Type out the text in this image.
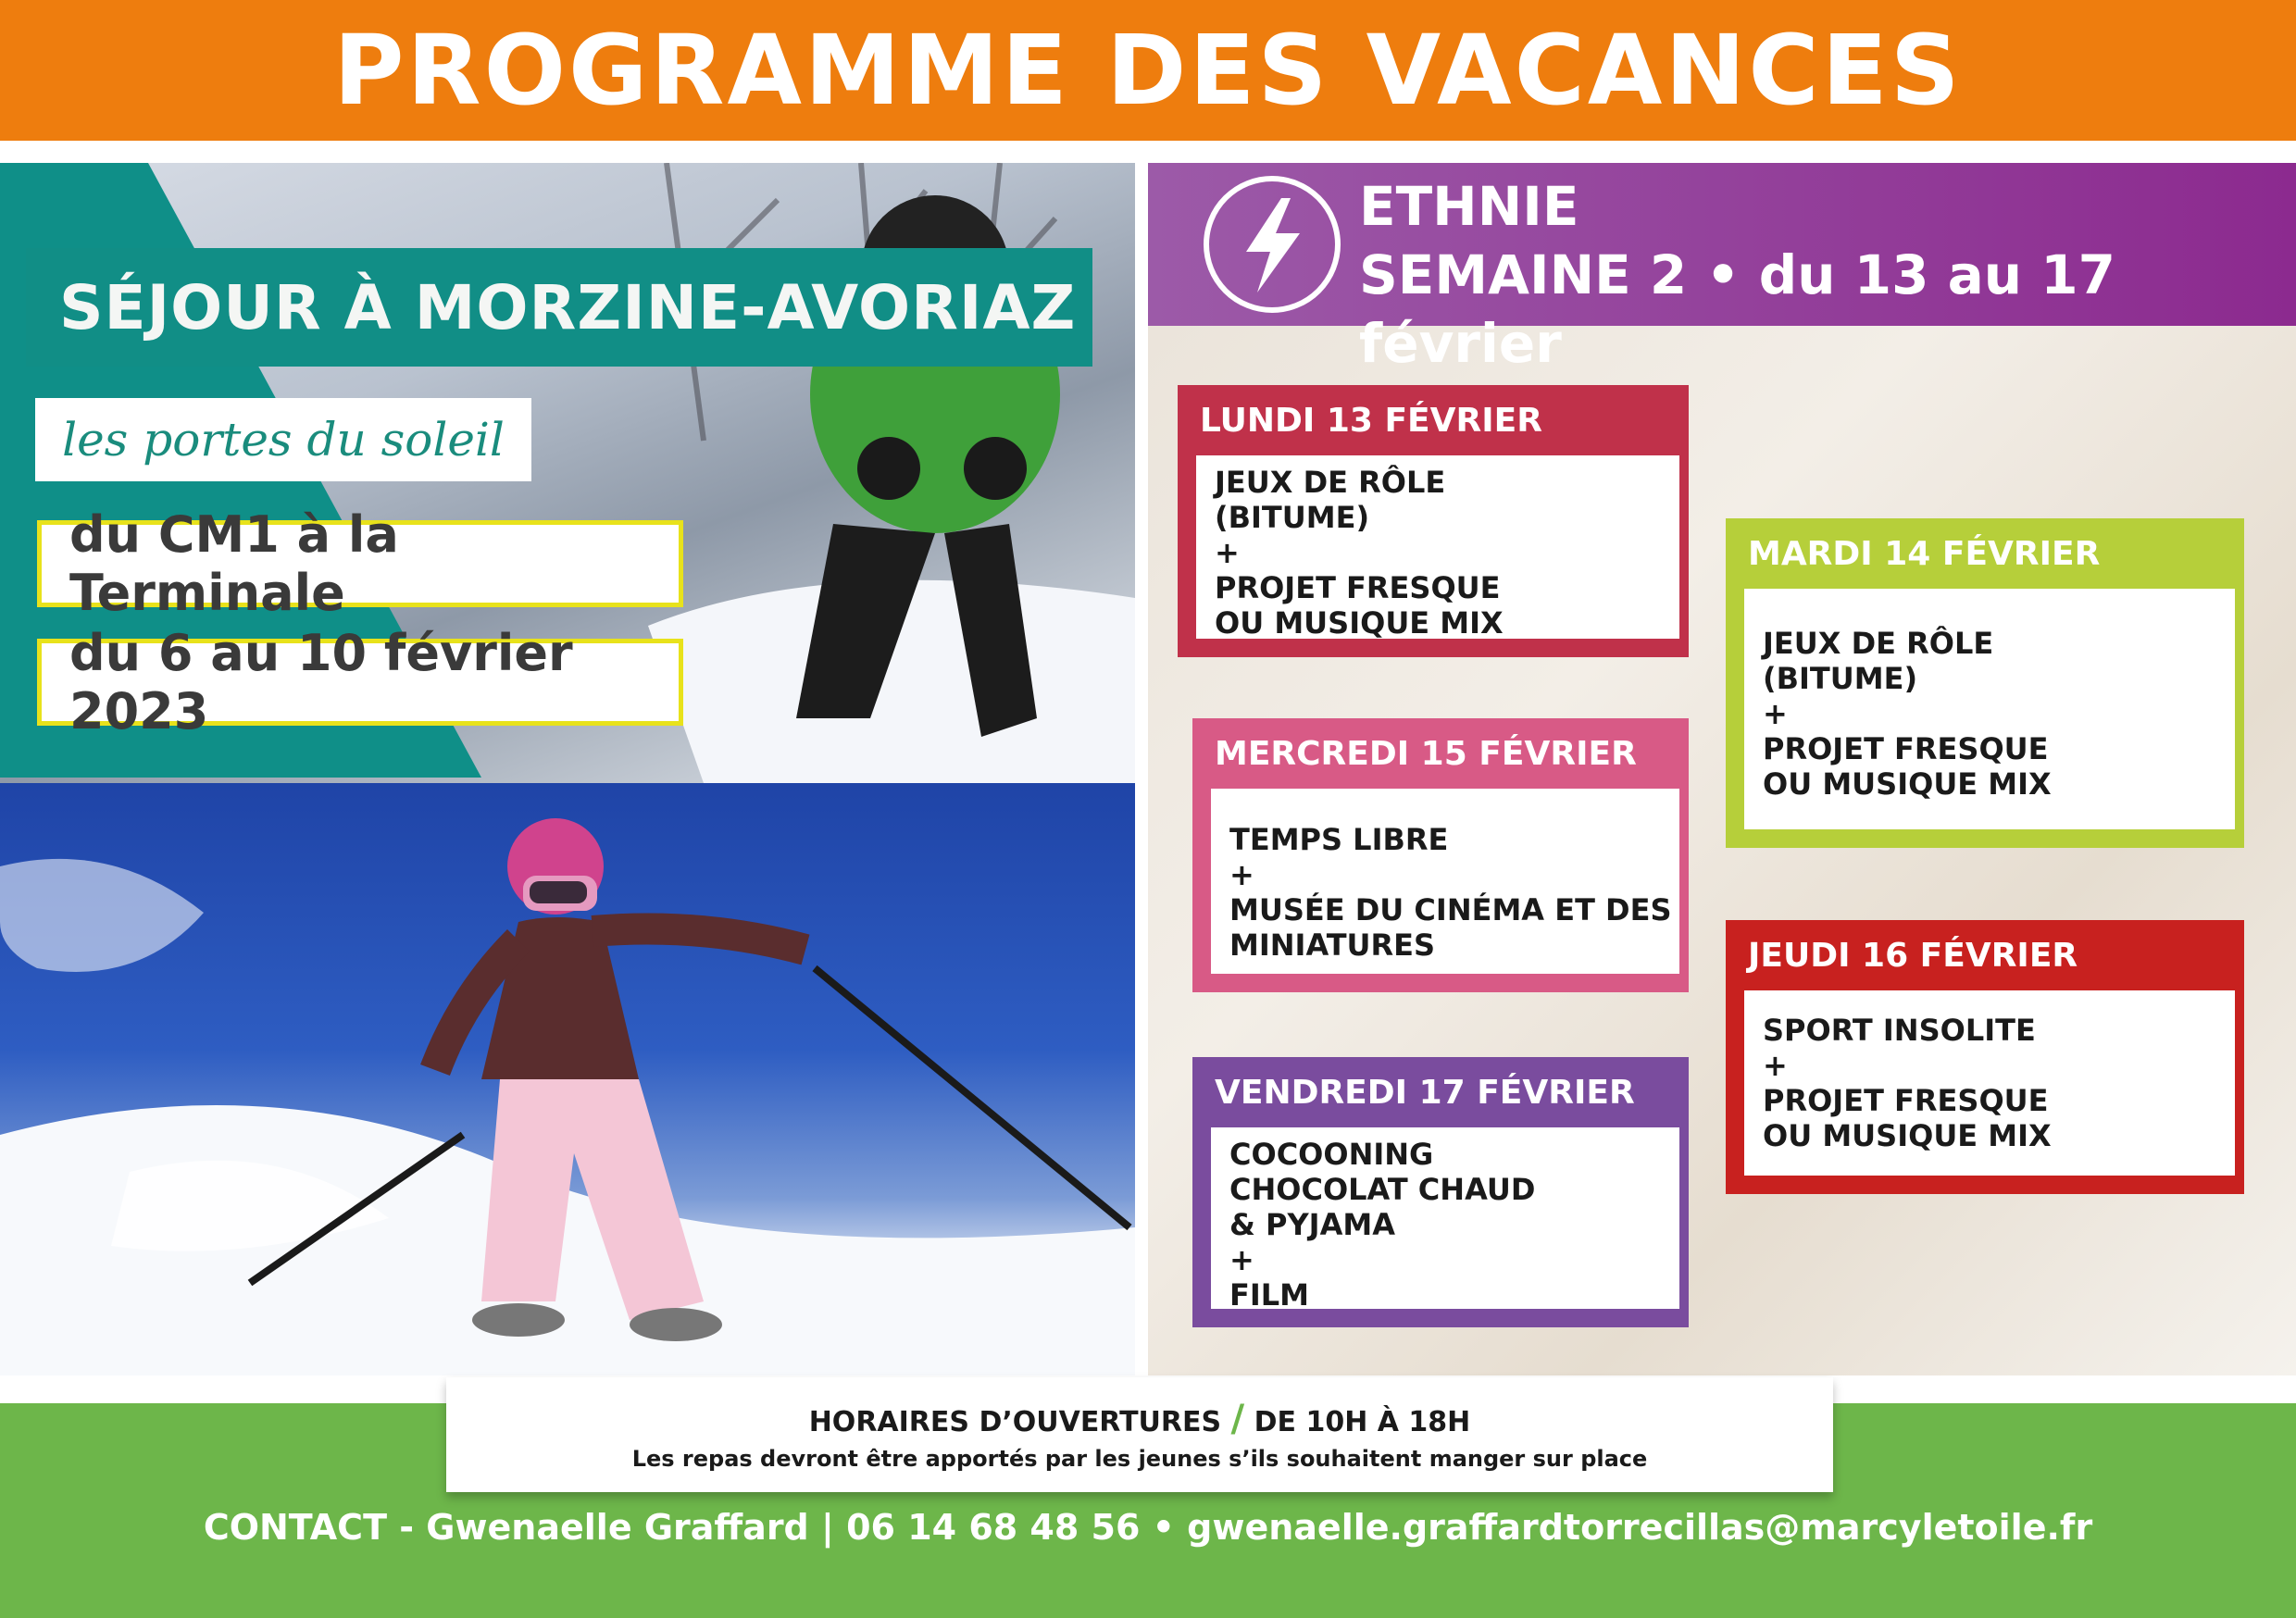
PROGRAMME DES VACANCES
SÉJOUR À MORZINE-AVORIAZ
les portes du soleil
du CM1 à la Terminale
du 6 au 10 février 2023
ETHNIE
SEMAINE 2 • du 13 au 17 février
LUNDI 13 FÉVRIER
JEUX DE RÔLE
(BITUME)
+
PROJET FRESQUE
OU MUSIQUE MIX
MARDI 14 FÉVRIER
JEUX DE RÔLE
(BITUME)
+
PROJET FRESQUE
OU MUSIQUE MIX
MERCREDI 15 FÉVRIER
TEMPS LIBRE
+
MUSÉE DU CINÉMA ET DES
MINIATURES	JEUDI 16 FÉVRIER
SPORT INSOLITE
+
PROJET FRESQUE
OU MUSIQUE MIX
VENDREDI 17 FÉVRIER
COCOONING
CHOCOLAT CHAUD
& PYJAMA
+
FILM
HORAIRES D’OUVERTURES / DE 10H À 18H
Les repas devront être apportés par les jeunes s’ils souhaitent manger sur place
CONTACT - Gwenaelle Graffard | 06 14 68 48 56 • gwenaelle.graffardtorrecillas@marcyletoile.fr
